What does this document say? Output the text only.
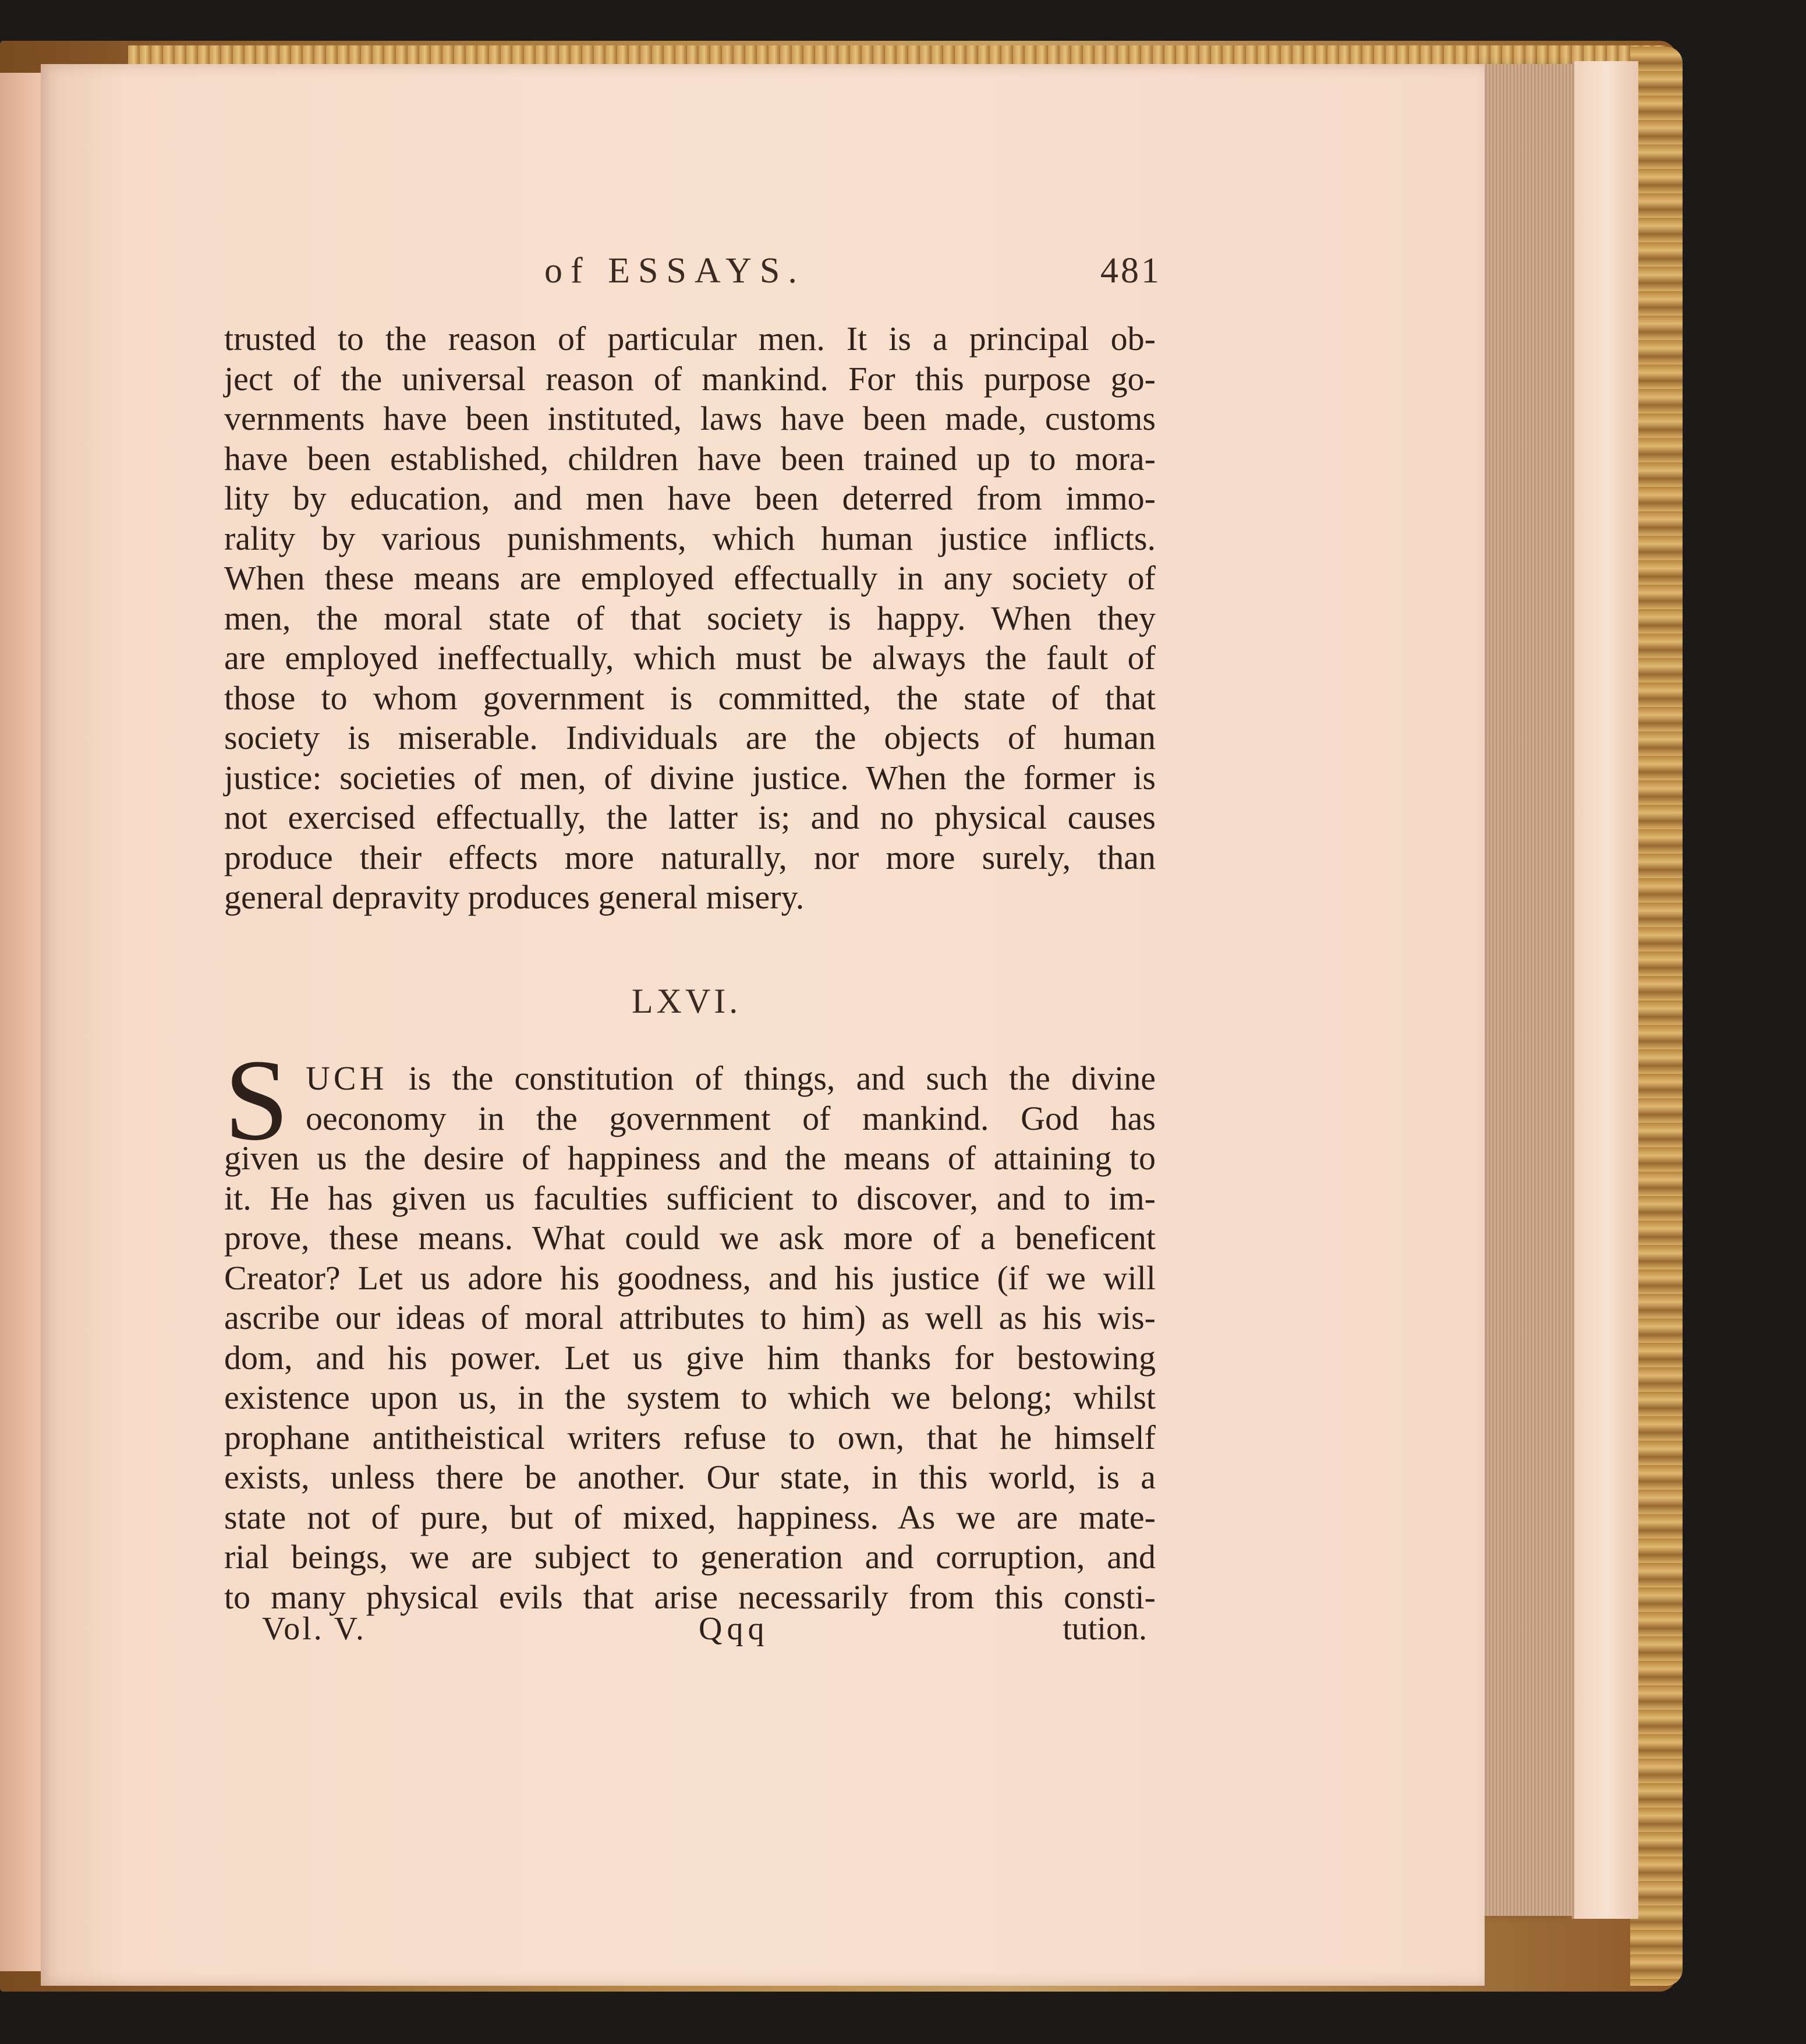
of ESSAYS.	481
trusted to the reason of particular men. It is a principal ob-
ject of the universal reason of mankind. For this purpose go-
vernments have been instituted, laws have been made, customs
have been established, children have been trained up to mora-
lity by education, and men have been deterred from immo-
rality by various punishments, which human justice inflicts.
When these means are employed effectually in any society of
men, the moral state of that society is happy. When they
are employed ineffectually, which must be always the fault of
those to whom government is committed, the state of that
society is miserable. Individuals are the objects of human
justice: societies of men, of divine justice. When the former is
not exercised effectually, the latter is; and no physical causes
produce their effects more naturally, nor more surely, than
general depravity produces general misery.
LXVI.
S UCH is the constitution of things, and such the divine
oeconomy in the government of mankind. God has
given us the desire of happiness and the means of attaining to
it. He has given us faculties sufficient to discover, and to im-
prove, these means. What could we ask more of a beneficent
Creator? Let us adore his goodness, and his justice (if we will
ascribe our ideas of moral attributes to him) as well as his wis-
dom, and his power. Let us give him thanks for bestowing
existence upon us, in the system to which we belong; whilst
prophane antitheistical writers refuse to own, that he himself
exists, unless there be another. Our state, in this world, is a
state not of pure, but of mixed, happiness. As we are mate-
rial beings, we are subject to generation and corruption, and
to many physical evils that arise necessarily from this consti-
Vol. V.	Qqq	tution.
